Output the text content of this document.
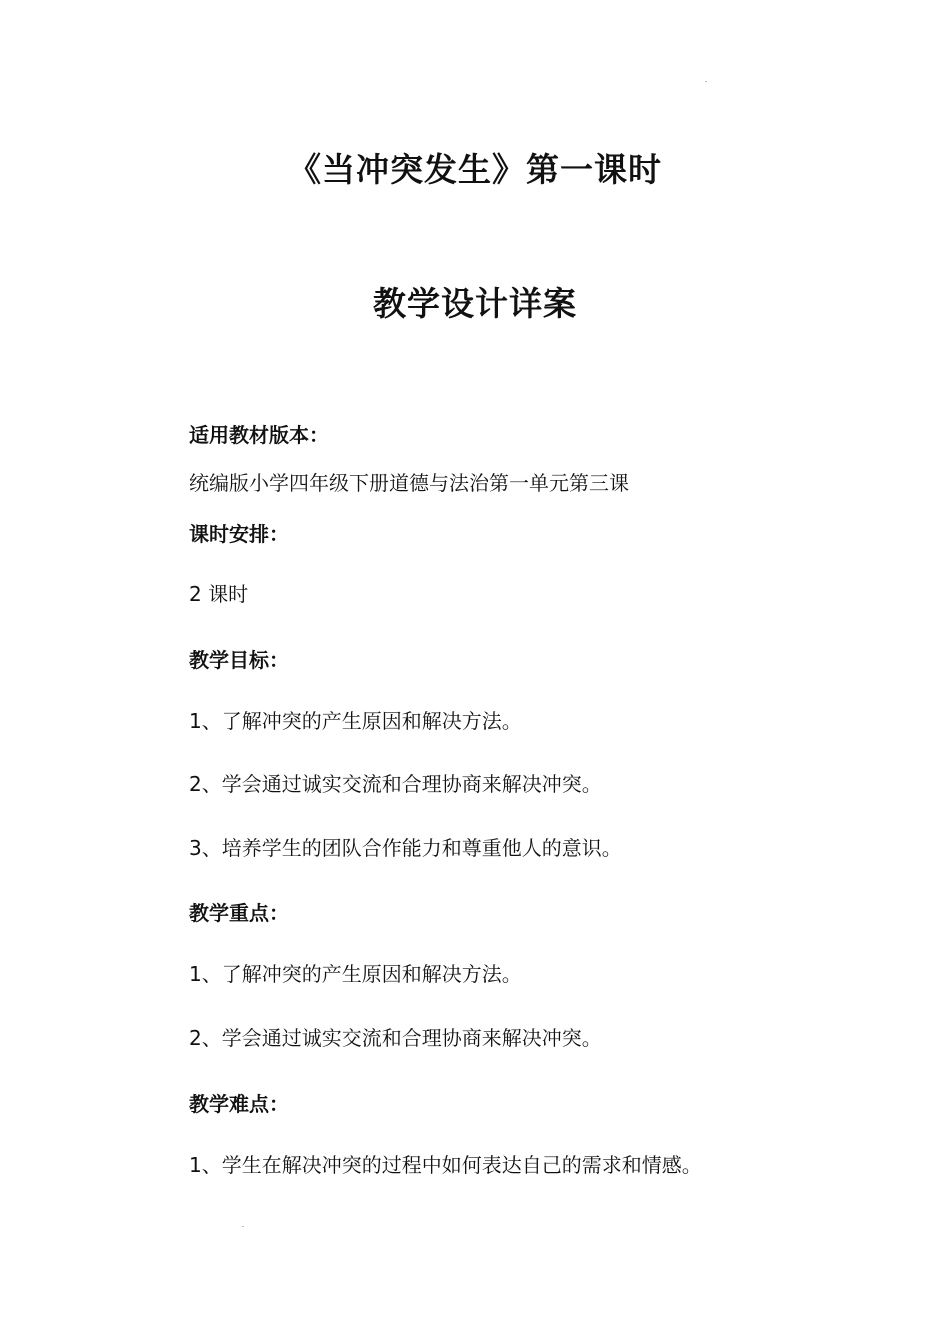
《当冲突发生》第一课时
教学设计详案
适用教材版本：
统编版小学四年级下册道德与法治第一单元第三课
课时安排：
2 课时
教学目标：
1、了解冲突的产生原因和解决方法。
2、学会通过诚实交流和合理协商来解决冲突。
3、培养学生的团队合作能力和尊重他人的意识。
教学重点：
1、了解冲突的产生原因和解决方法。
2、学会通过诚实交流和合理协商来解决冲突。
教学难点：
1、学生在解决冲突的过程中如何表达自己的需求和情感。
